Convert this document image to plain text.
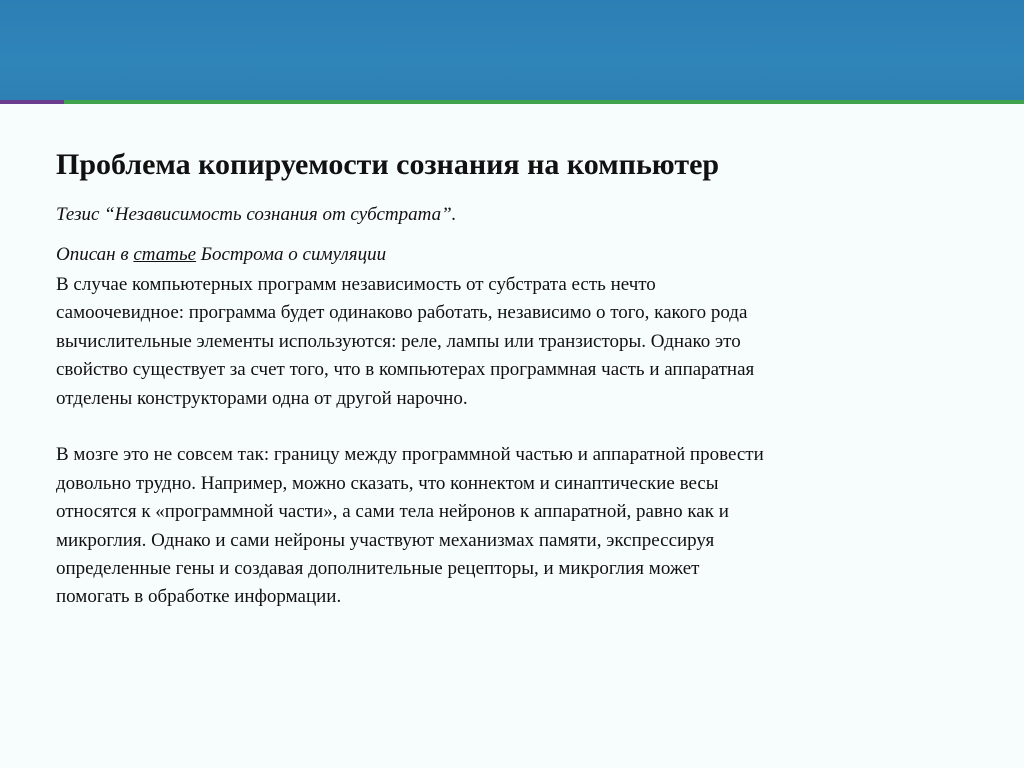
Проблема копируемости сознания на компьютер

Тезис “Независимость сознания от субстрата”.

Описан в статье Бострома о симуляции

В случае компьютерных программ независимость от субстрата есть нечто
самоочевидное: программа будет одинаково работать, независимо о того, какого рода
вычислительные элементы используются: реле, лампы или транзисторы. Однако это
свойство существует за счет того, что в компьютерах программная часть и аппаратная
отделены конструкторами одна от другой нарочно.

В мозге это не совсем так: границу между программной частью и аппаратной провести
довольно трудно. Например, можно сказать, что коннектом и синаптические весы
относятся к «программной части», а сами тела нейронов к аппаратной, равно как и
микроглия. Однако и сами нейроны участвуют механизмах памяти, экспрессируя
определенные гены и создавая дополнительные рецепторы, и микроглия может
помогать в обработке информации.
